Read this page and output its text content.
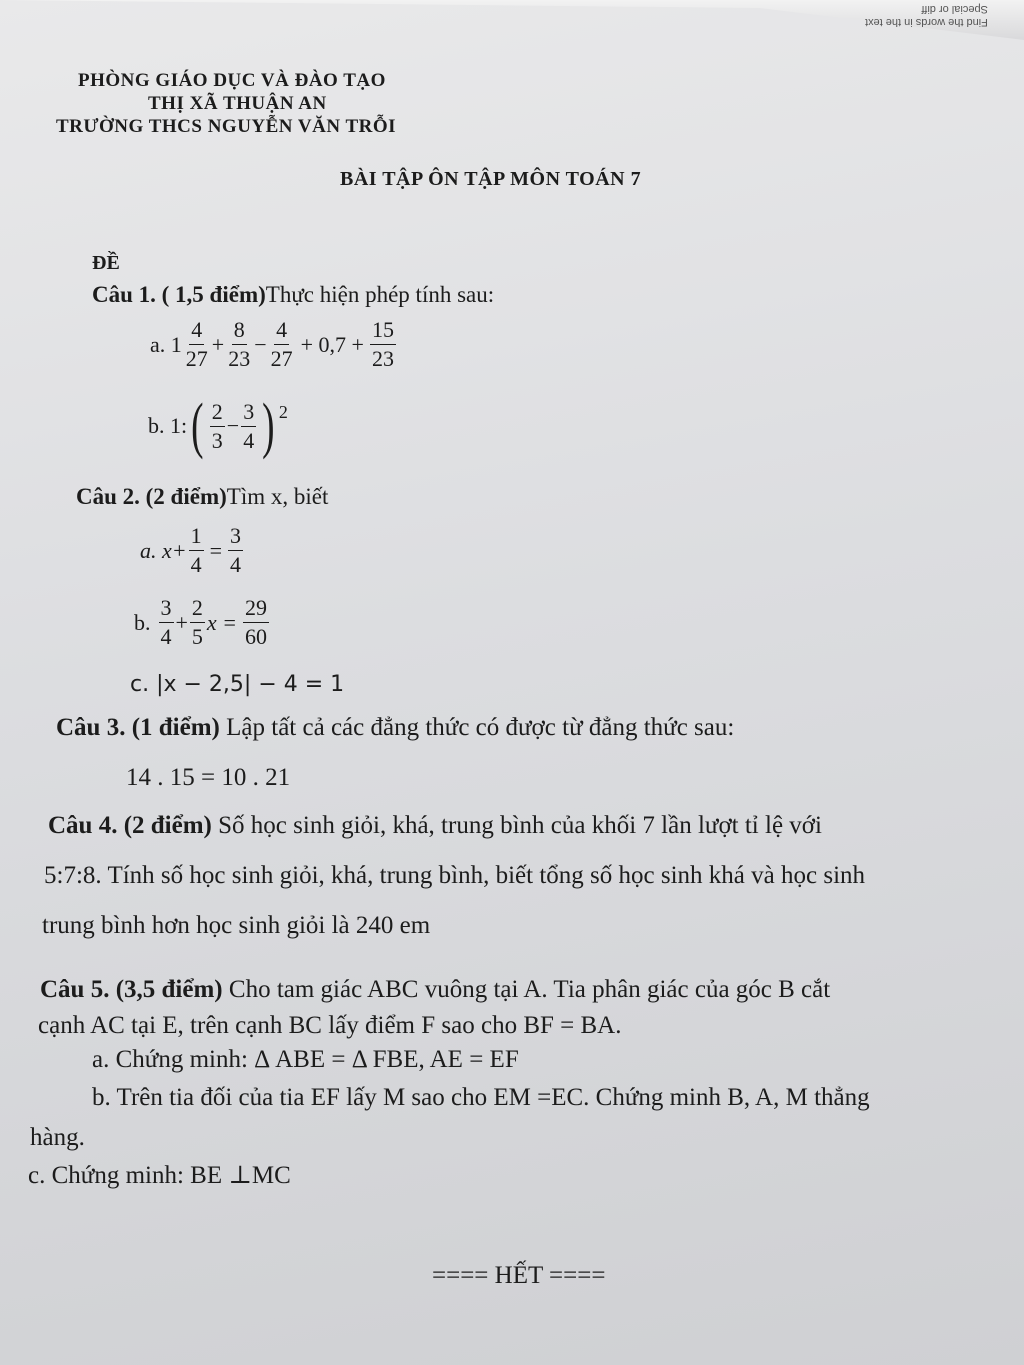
Find the words in the text
Special or diff
PHÒNG GIÁO DỤC VÀ ĐÀO TẠO
THỊ XÃ THUẬN AN
TRƯỜNG THCS NGUYỄN VĂN TRỖI
BÀI TẬP ÔN TẬP MÔN TOÁN 7
ĐỀ
Câu 1. ( 1,5 điểm)Thực hiện phép tính sau:
a. $1 \frac{4}{27} + \frac{8}{23} - \frac{4}{27} + 0,7 + \frac{15}{23}$
b. 1: ( $\frac{2}{3} - \frac{3}{4} )^2$
Câu 2. (2 điểm)Tìm x, biết
a. $x+ \frac{1}{4} = \frac{3}{4}$
b. $\frac{3}{4} + \frac{2}{5}$ $x = \frac{29}{60}$
c. |x − 2,5| − 4 = 1
Câu 3. (1 điểm) Lập tất cả các đẳng thức có được từ đẳng thức sau:
14 . 15 = 10 . 21
Câu 4. (2 điểm) Số học sinh giỏi, khá, trung bình của khối 7 lần lượt tỉ lệ với
5:7:8. Tính số học sinh giỏi, khá, trung bình, biết tổng số học sinh khá và học sinh
trung bình hơn học sinh giỏi là 240 em
Câu 5. (3,5 điểm) Cho tam giác ABC vuông tại A. Tia phân giác của góc B cắt
cạnh AC tại E, trên cạnh BC lấy điểm F sao cho BF = BA.
a. Chứng minh: Δ ABE = Δ FBE, AE = EF
b. Trên tia đối của tia EF lấy M sao cho EM =EC. Chứng minh B, A, M thẳng
hàng.
c. Chứng minh: BE ⊥MC
==== HẾT ====
